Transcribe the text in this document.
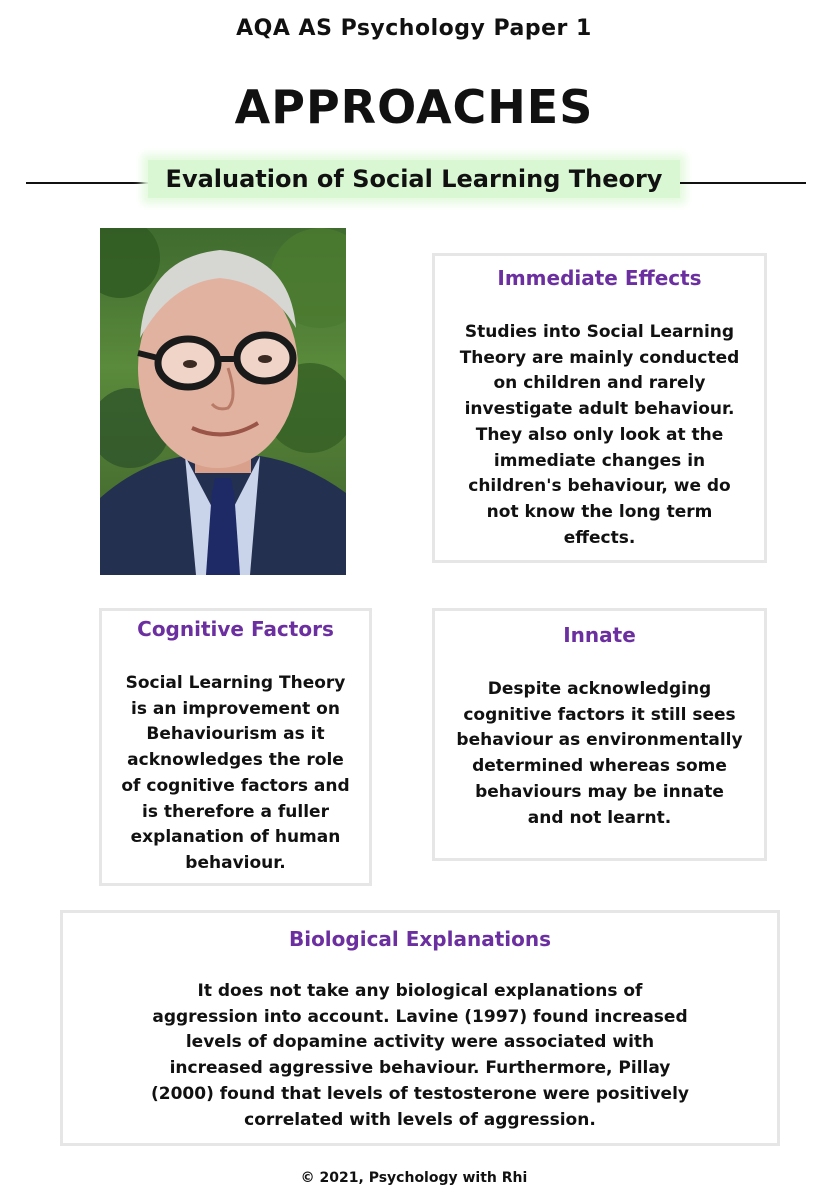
AQA AS Psychology Paper 1
APPROACHES
Evaluation of Social Learning Theory
Immediate Effects

Studies into Social Learning Theory are mainly conducted on children and rarely investigate adult behaviour. They also only look at the immediate changes in children's behaviour, we do not know the long term effects.

Cognitive Factors

Social Learning Theory is an improvement on Behaviourism as it acknowledges the role of cognitive factors and is therefore a fuller explanation of human behaviour.

Innate

Despite acknowledging cognitive factors it still sees behaviour as environmentally determined whereas some behaviours may be innate and not learnt.

Biological Explanations

It does not take any biological explanations of aggression into account. Lavine (1997) found increased levels of dopamine activity were associated with increased aggressive behaviour. Furthermore, Pillay (2000) found that levels of testosterone were positively correlated with levels of aggression.

© 2021, Psychology with Rhi
